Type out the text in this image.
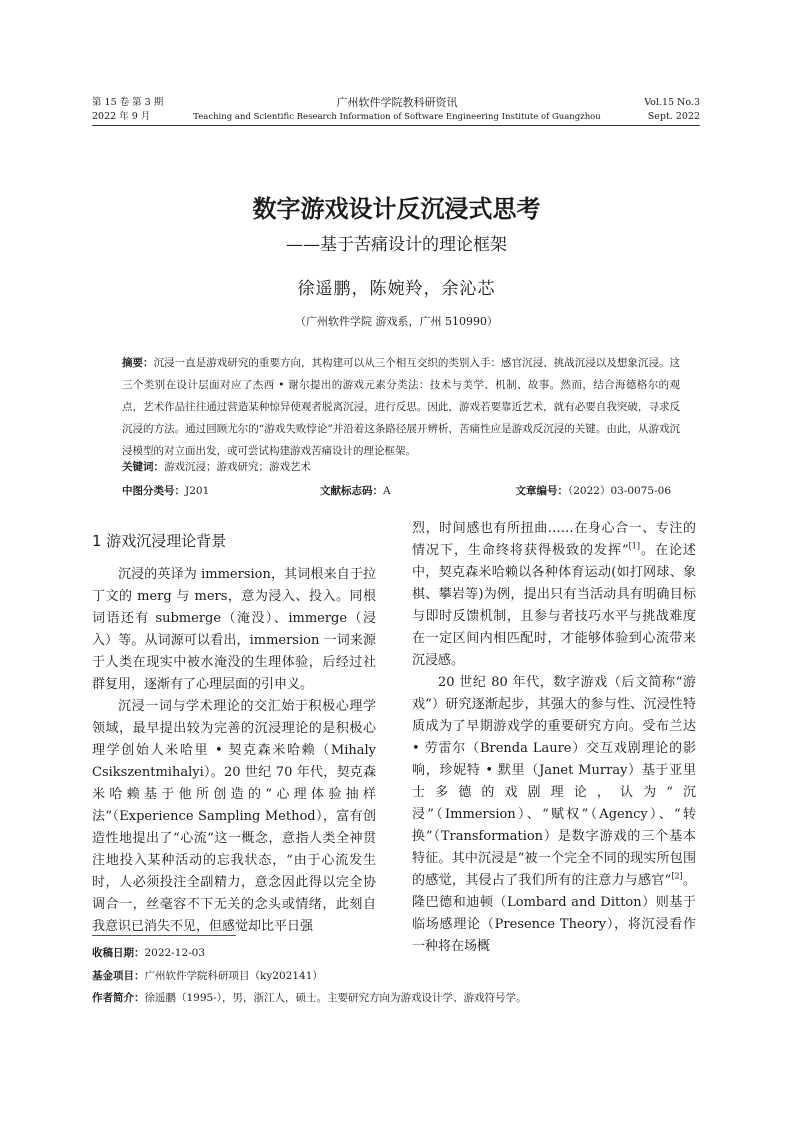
第 15 卷 第 3 期
2022 年 9 月
广州软件学院教科研资讯
Teaching and Scientific Research Information of Software Engineering Institute of Guangzhou
Vol.15 No.3
Sept. 2022
数字游戏设计反沉浸式思考
——基于苦痛设计的理论框架
徐遥鹏，陈婉羚，余沁芯
（广州软件学院 游戏系，广州 510990）
摘要：沉浸一直是游戏研究的重要方向，其构建可以从三个相互交织的类别入手：感官沉浸、挑战沉浸以及想象沉浸。这三个类别在设计层面对应了杰西 • 谢尔提出的游戏元素分类法：技术与美学、机制、故事。然而，结合海德格尔的观点，艺术作品往往通过营造某种惊异使观者脱离沉浸，进行反思。因此，游戏若要靠近艺术，就有必要自我突破，寻求反沉浸的方法。通过回顾尤尔的“游戏失败悖论”并沿着这条路径展开辨析，苦痛性应是游戏反沉浸的关键。由此，从游戏沉浸模型的对立面出发，或可尝试构建游戏苦痛设计的理论框架。
关键词：游戏沉浸；游戏研究；游戏艺术
中图分类号：J201	文献标志码：A	文章编号：（2022）03-0075-06
1 游戏沉浸理论背景

沉浸的英译为 immersion，其词根来自于拉丁文的 merg 与 mers，意为浸入、投入。同根词语还有 submerge（淹没）、immerge（浸入）等。从词源可以看出，immersion 一词来源于人类在现实中被水淹没的生理体验，后经过社群复用，逐渐有了心理层面的引申义。

沉浸一词与学术理论的交汇始于积极心理学领域，最早提出较为完善的沉浸理论的是积极心理学创始人米哈里 • 契克森米哈赖（Mihaly Csikszentmihalyi）。20 世纪 70 年代，契克森米哈赖基于他所创造的“心理体验抽样法”（Experience Sampling Method），富有创造性地提出了“心流”这一概念，意指人类全神贯注地投入某种活动的忘我状态，“由于心流发生时，人必须投注全副精力，意念因此得以完全协调合一，丝毫容不下无关的念头或情绪，此刻自我意识已消失不见，但感觉却比平日强

烈，时间感也有所扭曲……在身心合一、专注的情况下，生命终将获得极致的发挥”[1]。在论述中，契克森米哈赖以各种体育运动(如打网球、象棋、攀岩等)为例，提出只有当活动具有明确目标与即时反馈机制，且参与者技巧水平与挑战难度在一定区间内相匹配时，才能够体验到心流带来沉浸感。

20 世纪 80 年代，数字游戏（后文简称“游戏”）研究逐渐起步，其强大的参与性、沉浸性特质成为了早期游戏学的重要研究方向。受布兰达 • 劳雷尔（Brenda Laure）交互戏剧理论的影响，珍妮特 • 默里（Janet Murray）基于亚里士多德的戏剧理论，认为“沉浸”（Immersion）、“赋权”（Agency）、“转换”（Transformation）是数字游戏的三个基本特征。其中沉浸是“被一个完全不同的现实所包围的感觉，其侵占了我们所有的注意力与感官”[2]。隆巴德和迪顿（Lombard and Ditton）则基于临场感理论（Presence Theory），将沉浸看作一种将在场概

收稿日期：2022-12-03
基金项目：广州软件学院科研项目（ky202141）
作者简介：徐遥鹏（1995-），男，浙江人，硕士。主要研究方向为游戏设计学、游戏符号学。
